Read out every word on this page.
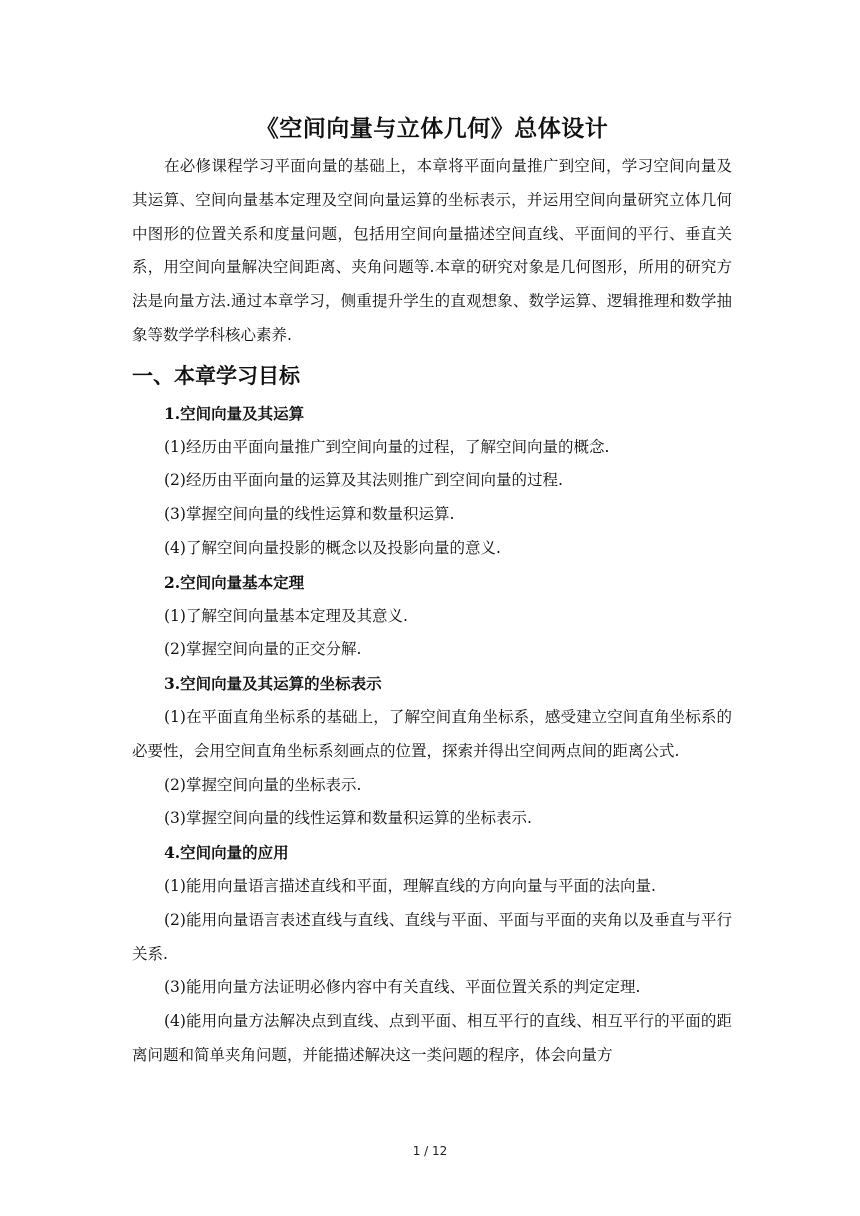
《空间向量与立体几何》总体设计

在必修课程学习平面向量的基础上，本章将平面向量推广到空间，学习空间向量及其运算、空间向量基本定理及空间向量运算的坐标表示，并运用空间向量研究立体几何中图形的位置关系和度量问题，包括用空间向量描述空间直线、平面间的平行、垂直关系，用空间向量解决空间距离、夹角问题等.本章的研究对象是几何图形，所用的研究方法是向量方法.通过本章学习，侧重提升学生的直观想象、数学运算、逻辑推理和数学抽象等数学学科核心素养.

一、本章学习目标

1.空间向量及其运算

(1)经历由平面向量推广到空间向量的过程，了解空间向量的概念.

(2)经历由平面向量的运算及其法则推广到空间向量的过程.

(3)掌握空间向量的线性运算和数量积运算.

(4)了解空间向量投影的概念以及投影向量的意义.

2.空间向量基本定理

(1)了解空间向量基本定理及其意义.

(2)掌握空间向量的正交分解.

3.空间向量及其运算的坐标表示

(1)在平面直角坐标系的基础上，了解空间直角坐标系，感受建立空间直角坐标系的必要性，会用空间直角坐标系刻画点的位置，探索并得出空间两点间的距离公式.

(2)掌握空间向量的坐标表示.

(3)掌握空间向量的线性运算和数量积运算的坐标表示.

4.空间向量的应用

(1)能用向量语言描述直线和平面，理解直线的方向向量与平面的法向量.

(2)能用向量语言表述直线与直线、直线与平面、平面与平面的夹角以及垂直与平行关系.

(3)能用向量方法证明必修内容中有关直线、平面位置关系的判定定理.

(4)能用向量方法解决点到直线、点到平面、相互平行的直线、相互平行的平面的距离问题和简单夹角问题，并能描述解决这一类问题的程序，体会向量方

1 / 12
